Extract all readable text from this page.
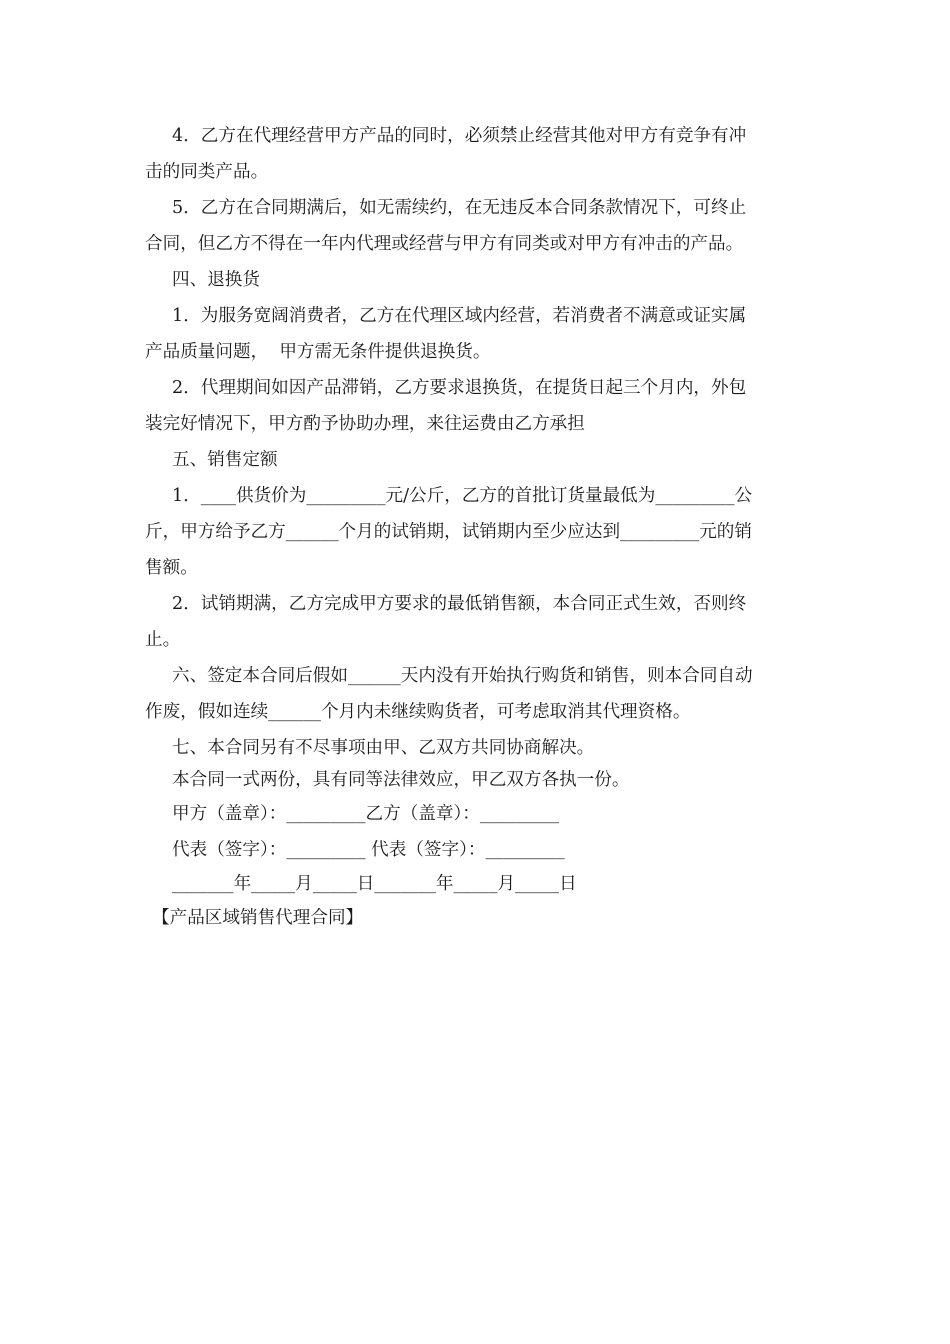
4．乙方在代理经营甲方产品的同时，必须禁止经营其他对甲方有竞争有冲
击的同类产品。
5．乙方在合同期满后，如无需续约，在无违反本合同条款情况下，可终止
合同，但乙方不得在一年内代理或经营与甲方有同类或对甲方有冲击的产品。
四、退换货
1．为服务宽阔消费者，乙方在代理区域内经营，若消费者不满意或证实属
产品质量问题，  甲方需无条件提供退换货。
2．代理期间如因产品滞销，乙方要求退换货，在提货日起三个月内，外包
装完好情况下，甲方酌予协助办理，来往运费由乙方承担
五、销售定额
1．____供货价为_________元/公斤，乙方的首批订货量最低为_________公
斤，甲方给予乙方______个月的试销期，试销期内至少应达到_________元的销
售额。
2．试销期满，乙方完成甲方要求的最低销售额，本合同正式生效，否则终
止。
六、签定本合同后假如______天内没有开始执行购货和销售，则本合同自动
作废，假如连续______个月内未继续购货者，可考虑取消其代理资格。
七、本合同另有不尽事项由甲、乙双方共同协商解决。
本合同一式两份，具有同等法律效应，甲乙双方各执一份。
甲方（盖章）：_________乙方（盖章）：_________
代表（签字）：_________ 代表（签字）：_________
_______年_____月_____日_______年_____月_____日
【产品区域销售代理合同】
